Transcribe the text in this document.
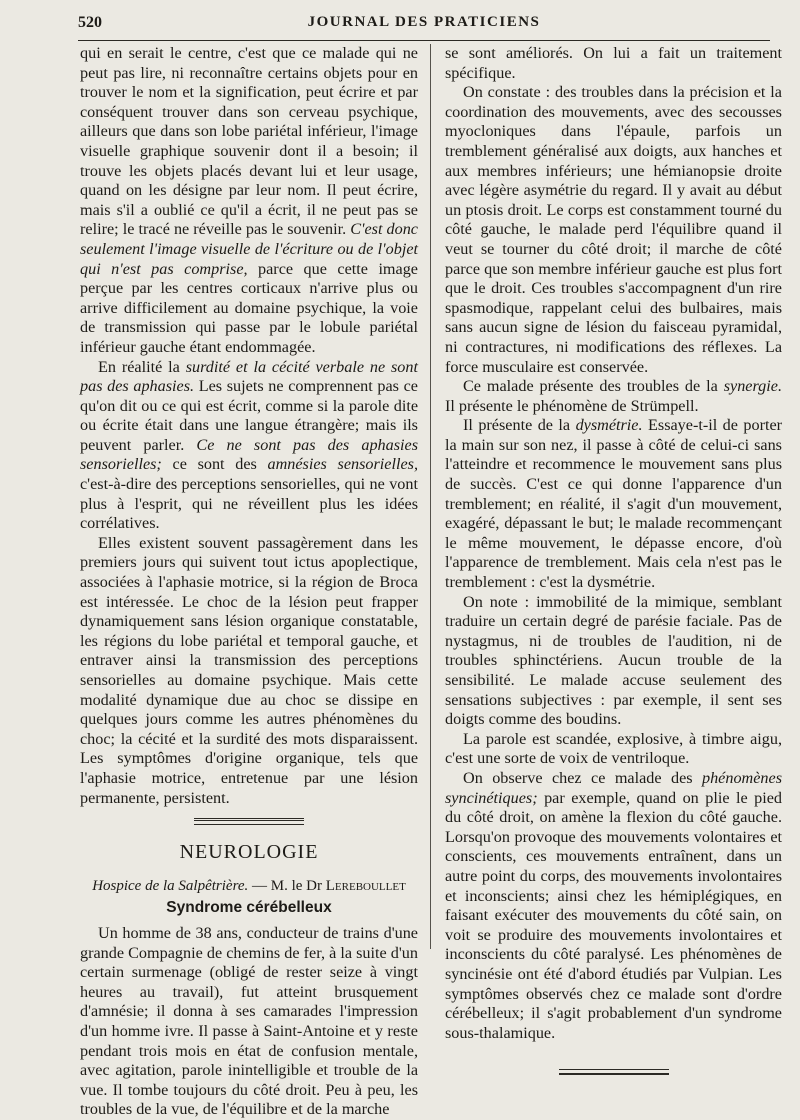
520	JOURNAL DES PRATICIENS

qui en serait le centre, c'est que ce malade qui ne peut pas lire, ni reconnaître certains objets pour en trouver le nom et la signification, peut écrire et par conséquent trouver dans son cerveau psychique, ailleurs que dans son lobe pariétal inférieur, l'image visuelle graphique souvenir dont il a besoin; il trouve les objets placés devant lui et leur usage, quand on les désigne par leur nom. Il peut écrire, mais s'il a oublié ce qu'il a écrit, il ne peut pas se relire; le tracé ne réveille pas le souvenir. C'est donc seulement l'image visuelle de l'écriture ou de l'objet qui n'est pas comprise, parce que cette image perçue par les centres corticaux n'arrive plus ou arrive difficilement au domaine psychique, la voie de transmission qui passe par le lobule pariétal inférieur gauche étant endommagée.

En réalité la surdité et la cécité verbale ne sont pas des aphasies. Les sujets ne comprennent pas ce qu'on dit ou ce qui est écrit, comme si la parole dite ou écrite était dans une langue étrangère; mais ils peuvent parler. Ce ne sont pas des aphasies sensorielles; ce sont des amnésies sensorielles, c'est-à-dire des perceptions sensorielles, qui ne vont plus à l'esprit, qui ne réveillent plus les idées corrélatives.

Elles existent souvent passagèrement dans les premiers jours qui suivent tout ictus apoplectique, associées à l'aphasie motrice, si la région de Broca est intéressée. Le choc de la lésion peut frapper dynamiquement sans lésion organique constatable, les régions du lobe pariétal et temporal gauche, et entraver ainsi la transmission des perceptions sensorielles au domaine psychique. Mais cette modalité dynamique due au choc se dissipe en quelques jours comme les autres phénomènes du choc; la cécité et la surdité des mots disparaissent. Les symptômes d'origine organique, tels que l'aphasie motrice, entretenue par une lésion permanente, persistent.

NEUROLOGIE
Hospice de la Salpêtrière. — M. le Dr Lereboullet
Syndrome cérébelleux

Un homme de 38 ans, conducteur de trains d'une grande Compagnie de chemins de fer, à la suite d'un certain surmenage (obligé de rester seize à vingt heures au travail), fut atteint brusquement d'amnésie; il donna à ses camarades l'impression d'un homme ivre. Il passe à Saint-Antoine et y reste pendant trois mois en état de confusion mentale, avec agitation, parole inintelligible et trouble de la vue. Il tombe toujours du côté droit. Peu à peu, les troubles de la vue, de l'équilibre et de la marche

se sont améliorés. On lui a fait un traitement spécifique.

On constate : des troubles dans la précision et la coordination des mouvements, avec des secousses myocloniques dans l'épaule, parfois un tremblement généralisé aux doigts, aux hanches et aux membres inférieurs; une hémianopsie droite avec légère asymétrie du regard. Il y avait au début un ptosis droit. Le corps est constamment tourné du côté gauche, le malade perd l'équilibre quand il veut se tourner du côté droit; il marche de côté parce que son membre inférieur gauche est plus fort que le droit. Ces troubles s'accompagnent d'un rire spasmodique, rappelant celui des bulbaires, mais sans aucun signe de lésion du faisceau pyramidal, ni contractures, ni modifications des réflexes. La force musculaire est conservée.

Ce malade présente des troubles de la synergie. Il présente le phénomène de Strümpell.

Il présente de la dysmétrie. Essaye-t-il de porter la main sur son nez, il passe à côté de celui-ci sans l'atteindre et recommence le mouvement sans plus de succès. C'est ce qui donne l'apparence d'un tremblement; en réalité, il s'agit d'un mouvement, exagéré, dépassant le but; le malade recommençant le même mouvement, le dépasse encore, d'où l'apparence de tremblement. Mais cela n'est pas le tremblement : c'est la dysmétrie.

On note : immobilité de la mimique, semblant traduire un certain degré de parésie faciale. Pas de nystagmus, ni de troubles de l'audition, ni de troubles sphinctériens. Aucun trouble de la sensibilité. Le malade accuse seulement des sensations subjectives : par exemple, il sent ses doigts comme des boudins.

La parole est scandée, explosive, à timbre aigu, c'est une sorte de voix de ventriloque.

On observe chez ce malade des phénomènes syncinétiques; par exemple, quand on plie le pied du côté droit, on amène la flexion du côté gauche. Lorsqu'on provoque des mouvements volontaires et conscients, ces mouvements entraînent, dans un autre point du corps, des mouvements involontaires et inconscients; ainsi chez les hémiplégiques, en faisant exécuter des mouvements du côté sain, on voit se produire des mouvements involontaires et inconscients du côté paralysé. Les phénomènes de syncinésie ont été d'abord étudiés par Vulpian. Les symptômes observés chez ce malade sont d'ordre cérébelleux; il s'agit probablement d'un syndrome sous-thalamique.
